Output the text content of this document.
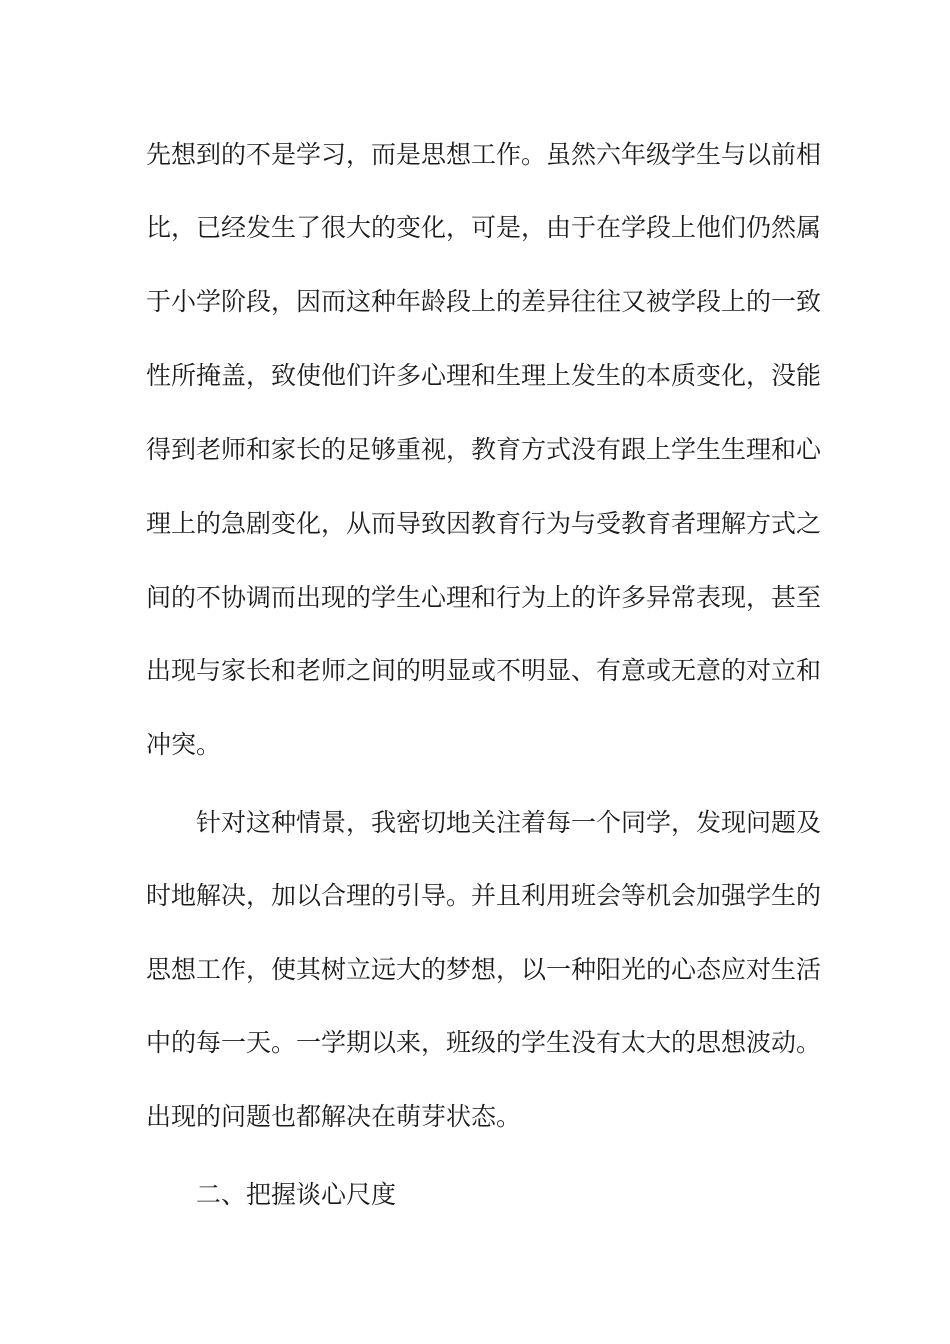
先想到的不是学习，而是思想工作。虽然六年级学生与以前相
比，已经发生了很大的变化，可是，由于在学段上他们仍然属
于小学阶段，因而这种年龄段上的差异往往又被学段上的一致
性所掩盖，致使他们许多心理和生理上发生的本质变化，没能
得到老师和家长的足够重视，教育方式没有跟上学生生理和心
理上的急剧变化，从而导致因教育行为与受教育者理解方式之
间的不协调而出现的学生心理和行为上的许多异常表现，甚至
出现与家长和老师之间的明显或不明显、有意或无意的对立和
冲突。
针对这种情景，我密切地关注着每一个同学，发现问题及
时地解决，加以合理的引导。并且利用班会等机会加强学生的
思想工作，使其树立远大的梦想，以一种阳光的心态应对生活
中的每一天。一学期以来，班级的学生没有太大的思想波动。
出现的问题也都解决在萌芽状态。
二、把握谈心尺度
